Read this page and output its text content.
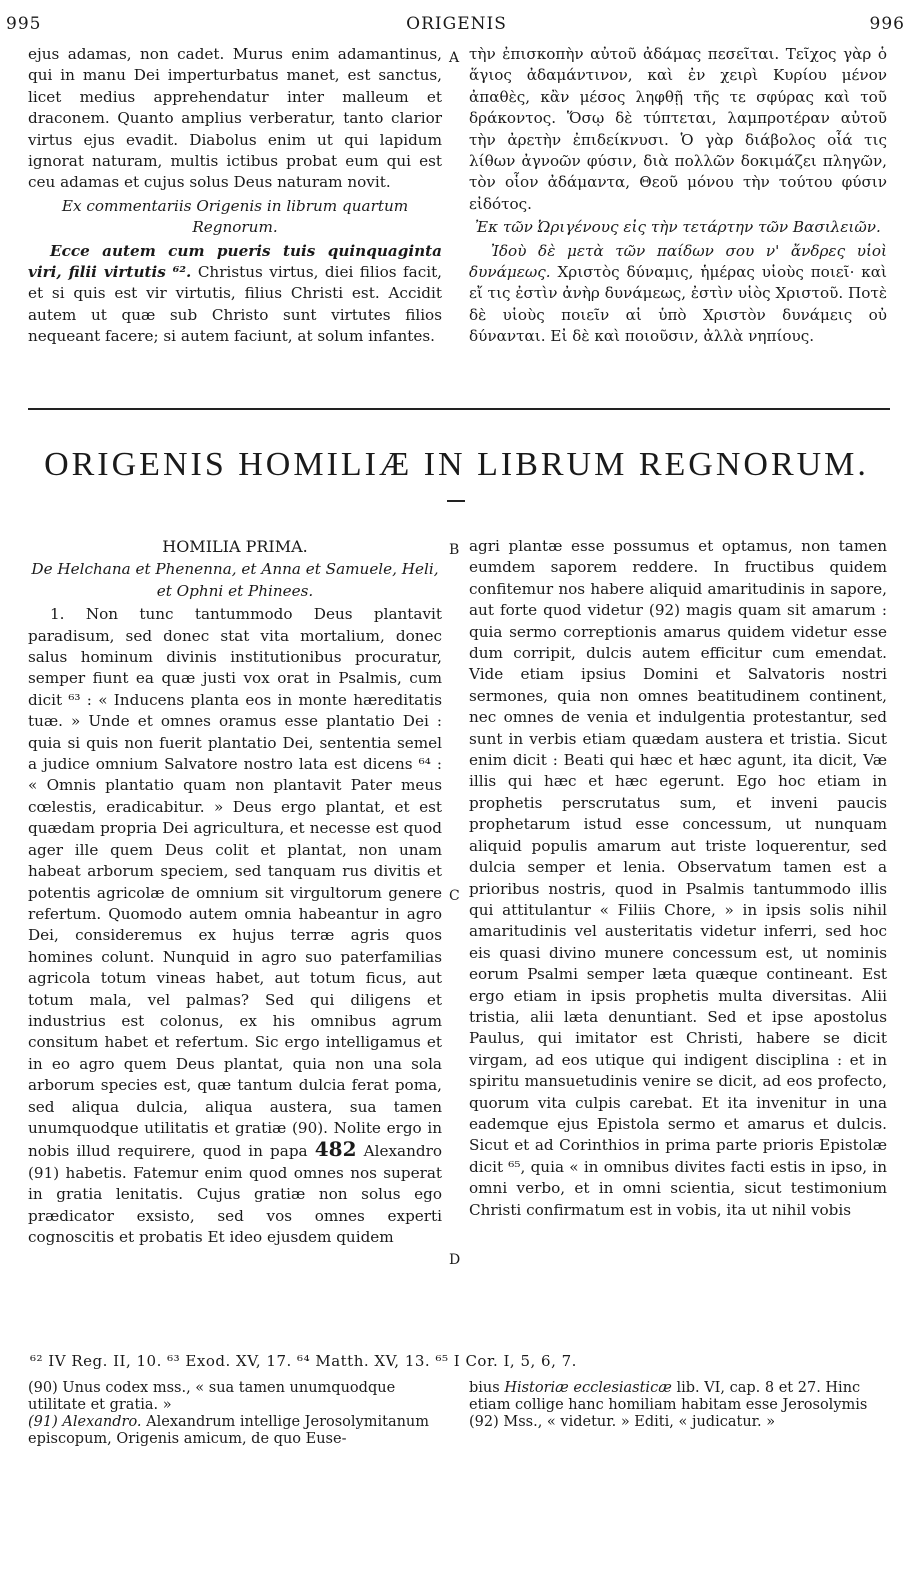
995	ORIGENIS	996

ejus adamas, non cadet. Murus enim adamantinus, qui in manu Dei imperturbatus manet, est sanctus, licet medius apprehendatur inter malleum et draconem. Quanto amplius verberatur, tanto clarior virtus ejus evadit. Diabolus enim ut qui lapidum ignorat naturam, multis ictibus probat eum qui est ceu adamas et cujus solus Deus naturam novit.

Ex commentariis Origenis in librum quartum Regnorum.

Ecce autem cum pueris tuis quinquaginta viri, filii virtutis ⁶². Christus virtus, diei filios facit, et si quis est vir virtutis, filius Christi est. Accidit autem ut quæ sub Christo sunt virtutes filios nequeant facere; si autem faciunt, at solum infantes.

A τὴν ἐπισκοπὴν αὐτοῦ ἀδάμας πεσεῖται. Τεῖχος γὰρ ὁ ἅγιος ἀδαμάντινον, καὶ ἐν χειρὶ Κυρίου μένον ἀπαθὲς, κἂν μέσος ληφθῇ τῆς τε σφύρας καὶ τοῦ δράκοντος. Ὅσῳ δὲ τύπτεται, λαμπροτέραν αὐτοῦ τὴν ἀρετὴν ἐπιδείκνυσι. Ὁ γὰρ διάβολος οἷά τις λίθων ἀγνοῶν φύσιν, διὰ πολλῶν δοκιμάζει πληγῶν, τὸν οἷον ἀδάμαντα, Θεοῦ μόνου τὴν τούτου φύσιν εἰδότος.

Ἐκ τῶν Ὠριγένους εἰς τὴν τετάρτην τῶν Βασιλειῶν.

Ἰδοὺ δὲ μετὰ τῶν παίδων σου ν' ἄνδρες υἱοὶ δυνάμεως. Χριστὸς δύναμις, ἡμέρας υἱοὺς ποιεῖ· καὶ εἴ τις ἐστὶν ἀνὴρ δυνάμεως, ἐστὶν υἱὸς Χριστοῦ. Ποτὲ δὲ υἱοὺς ποιεῖν αἱ ὑπὸ Χριστὸν δυνάμεις οὐ δύνανται. Εἰ δὲ καὶ ποιοῦσιν, ἀλλὰ νηπίους.

ORIGENIS HOMILIÆ IN LIBRUM REGNORUM.

HOMILIA PRIMA.

De Helchana et Phenenna, et Anna et Samuele, Heli, et Ophni et Phinees.

1. Non tunc tantummodo Deus plantavit paradisum, sed donec stat vita mortalium, donec salus hominum divinis institutionibus procuratur, semper fiunt ea quæ justi vox orat in Psalmis, cum dicit ⁶³ : « Inducens planta eos in monte hæreditatis tuæ. » Unde et omnes oramus esse plantatio Dei : quia si quis non fuerit plantatio Dei, sententia semel a judice omnium Salvatore nostro lata est dicens ⁶⁴ : « Omnis plantatio quam non plantavit Pater meus cœlestis, eradicabitur. » Deus ergo plantat, et est quædam propria Dei agricultura, et necesse est quod ager ille quem Deus colit et plantat, non unam habeat arborum speciem, sed tanquam rus divitis et potentis agricolæ de omnium sit virgultorum genere refertum. Quomodo autem omnia habeantur in agro Dei, consideremus ex hujus terræ agris quos homines colunt. Nunquid in agro suo paterfamilias agricola totum vineas habet, aut totum ficus, aut totum mala, vel palmas? Sed qui diligens et industrius est colonus, ex his omnibus agrum consitum habet et refertum. Sic ergo intelligamus et in eo agro quem Deus plantat, quia non una sola arborum species est, quæ tantum dulcia ferat poma, sed aliqua dulcia, aliqua austera, sua tamen unumquodque utilitatis et gratiæ (90). Nolite ergo in nobis illud requirere, quod in papa 482 Alexandro (91) habetis. Fatemur enim quod omnes nos superat in gratia lenitatis. Cujus gratiæ non solus ego prædicator exsisto, sed vos omnes experti cognoscitis et probatis Et ideo ejusdem quidem

B
C
D

agri plantæ esse possumus et optamus, non tamen eumdem saporem reddere. In fructibus quidem confitemur nos habere aliquid amaritudinis in sapore, aut forte quod videtur (92) magis quam sit amarum : quia sermo correptionis amarus quidem videtur esse dum corripit, dulcis autem efficitur cum emendat. Vide etiam ipsius Domini et Salvatoris nostri sermones, quia non omnes beatitudinem continent, nec omnes de venia et indulgentia protestantur, sed sunt in verbis etiam quædam austera et tristia. Sicut enim dicit : Beati qui hæc et hæc agunt, ita dicit, Væ illis qui hæc et hæc egerunt. Ego hoc etiam in prophetis perscrutatus sum, et inveni paucis prophetarum istud esse concessum, ut nunquam aliquid populis amarum aut triste loquerentur, sed dulcia semper et lenia. Observatum tamen est a prioribus nostris, quod in Psalmis tantummodo illis qui attitulantur « Filiis Chore, » in ipsis solis nihil amaritudinis vel austeritatis videtur inferri, sed hoc eis quasi divino munere concessum est, ut nominis eorum Psalmi semper læta quæque contineant. Est ergo etiam in ipsis prophetis multa diversitas. Alii tristia, alii læta denuntiant. Sed et ipse apostolus Paulus, qui imitator est Christi, habere se dicit virgam, ad eos utique qui indigent disciplina : et in spiritu mansuetudinis venire se dicit, ad eos profecto, quorum vita culpis carebat. Et ita invenitur in una eademque ejus Epistola sermo et amarus et dulcis. Sicut et ad Corinthios in prima parte prioris Epistolæ dicit ⁶⁵, quia « in omnibus divites facti estis in ipso, in omni verbo, et in omni scientia, sicut testimonium Christi confirmatum est in vobis, ita ut nihil vobis

⁶² IV Reg. II, 10. ⁶³ Exod. XV, 17. ⁶⁴ Matth. XV, 13. ⁶⁵ I Cor. I, 5, 6, 7.

(90) Unus codex mss., « sua tamen unumquodque utilitate et gratia. »

(91) Alexandro. Alexandrum intellige Jerosolymitanum episcopum, Origenis amicum, de quo Euse-

bius Historiæ ecclesiasticæ lib. VI, cap. 8 et 27. Hinc etiam collige hanc homiliam habitam esse Jerosolymis

(92) Mss., « videtur. » Editi, « judicatur. »
